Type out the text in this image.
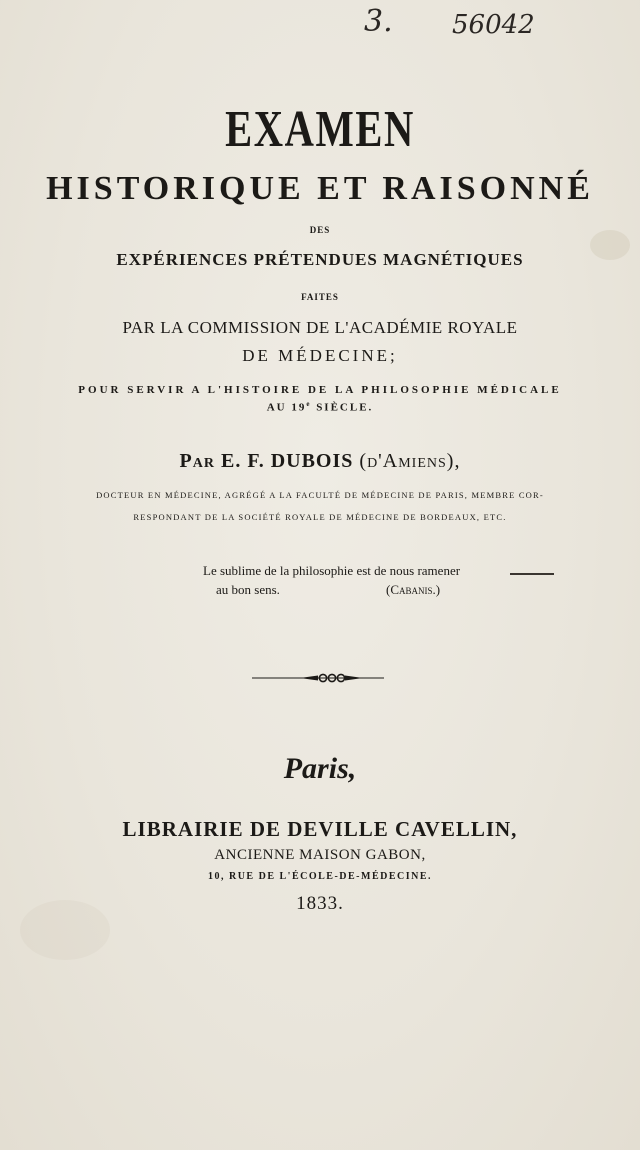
3. 56042
EXAMEN
HISTORIQUE ET RAISONNÉ
DES
EXPÉRIENCES PRÉTENDUES MAGNÉTIQUES
FAITES
PAR LA COMMISSION DE L'ACADÉMIE ROYALE
DE MÉDECINE;
POUR SERVIR A L'HISTOIRE DE LA PHILOSOPHIE MÉDICALE
AU 19e SIÈCLE.
Par E. F. DUBOIS (d'Amiens),
DOCTEUR EN MÉDECINE, AGRÉGÉ A LA FACULTÉ DE MÉDECINE DE PARIS, MEMBRE COR-
RESPONDANT DE LA SOCIÉTÉ ROYALE DE MÉDECINE DE BORDEAUX, ETC.
Le sublime de la philosophie est de nous ramener
au bon sens.	(Cabanis.)
Paris,
LIBRAIRIE DE DEVILLE CAVELLIN,
ANCIENNE MAISON GABON,
10, RUE DE L'ÉCOLE-DE-MÉDECINE.
1833.
